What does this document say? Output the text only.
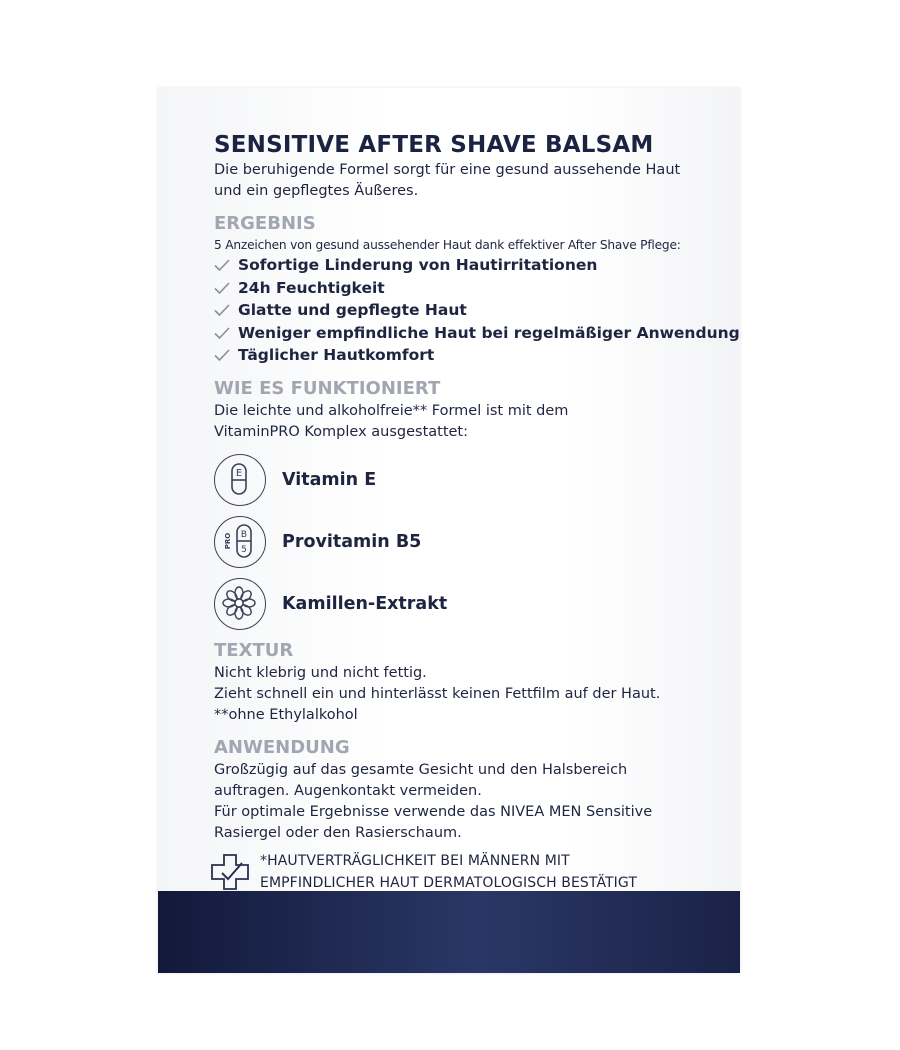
SENSITIVE AFTER SHAVE BALSAM

Die beruhigende Formel sorgt für eine gesund aussehende Haut

und ein gepflegtes Äußeres.

ERGEBNIS

5 Anzeichen von gesund aussehender Haut dank effektiver After Shave Pflege:

Sofortige Linderung von Hautirritationen
24h Feuchtigkeit
Glatte und gepflegte Haut
Weniger empfindliche Haut bei regelmäßiger Anwendung
Täglicher Hautkomfort
WIE ES FUNKTIONIERT

Die leichte und alkoholfreie** Formel ist mit dem

VitaminPRO Komplex ausgestattet:

E Vitamin E
B
5
PRO	Provitamin B5
Kamillen-Extrakt
TEXTUR

Nicht klebrig und nicht fettig.

Zieht schnell ein und hinterlässt keinen Fettfilm auf der Haut.

**ohne Ethylalkohol

ANWENDUNG

Großzügig auf das gesamte Gesicht und den Halsbereich

auftragen. Augenkontakt vermeiden.

Für optimale Ergebnisse verwende das NIVEA MEN Sensitive

Rasiergel oder den Rasierschaum.

*HAUTVERTRÄGLICHKEIT BEI MÄNNERN MIT
EMPFINDLICHER HAUT DERMATOLOGISCH BESTÄTIGT
